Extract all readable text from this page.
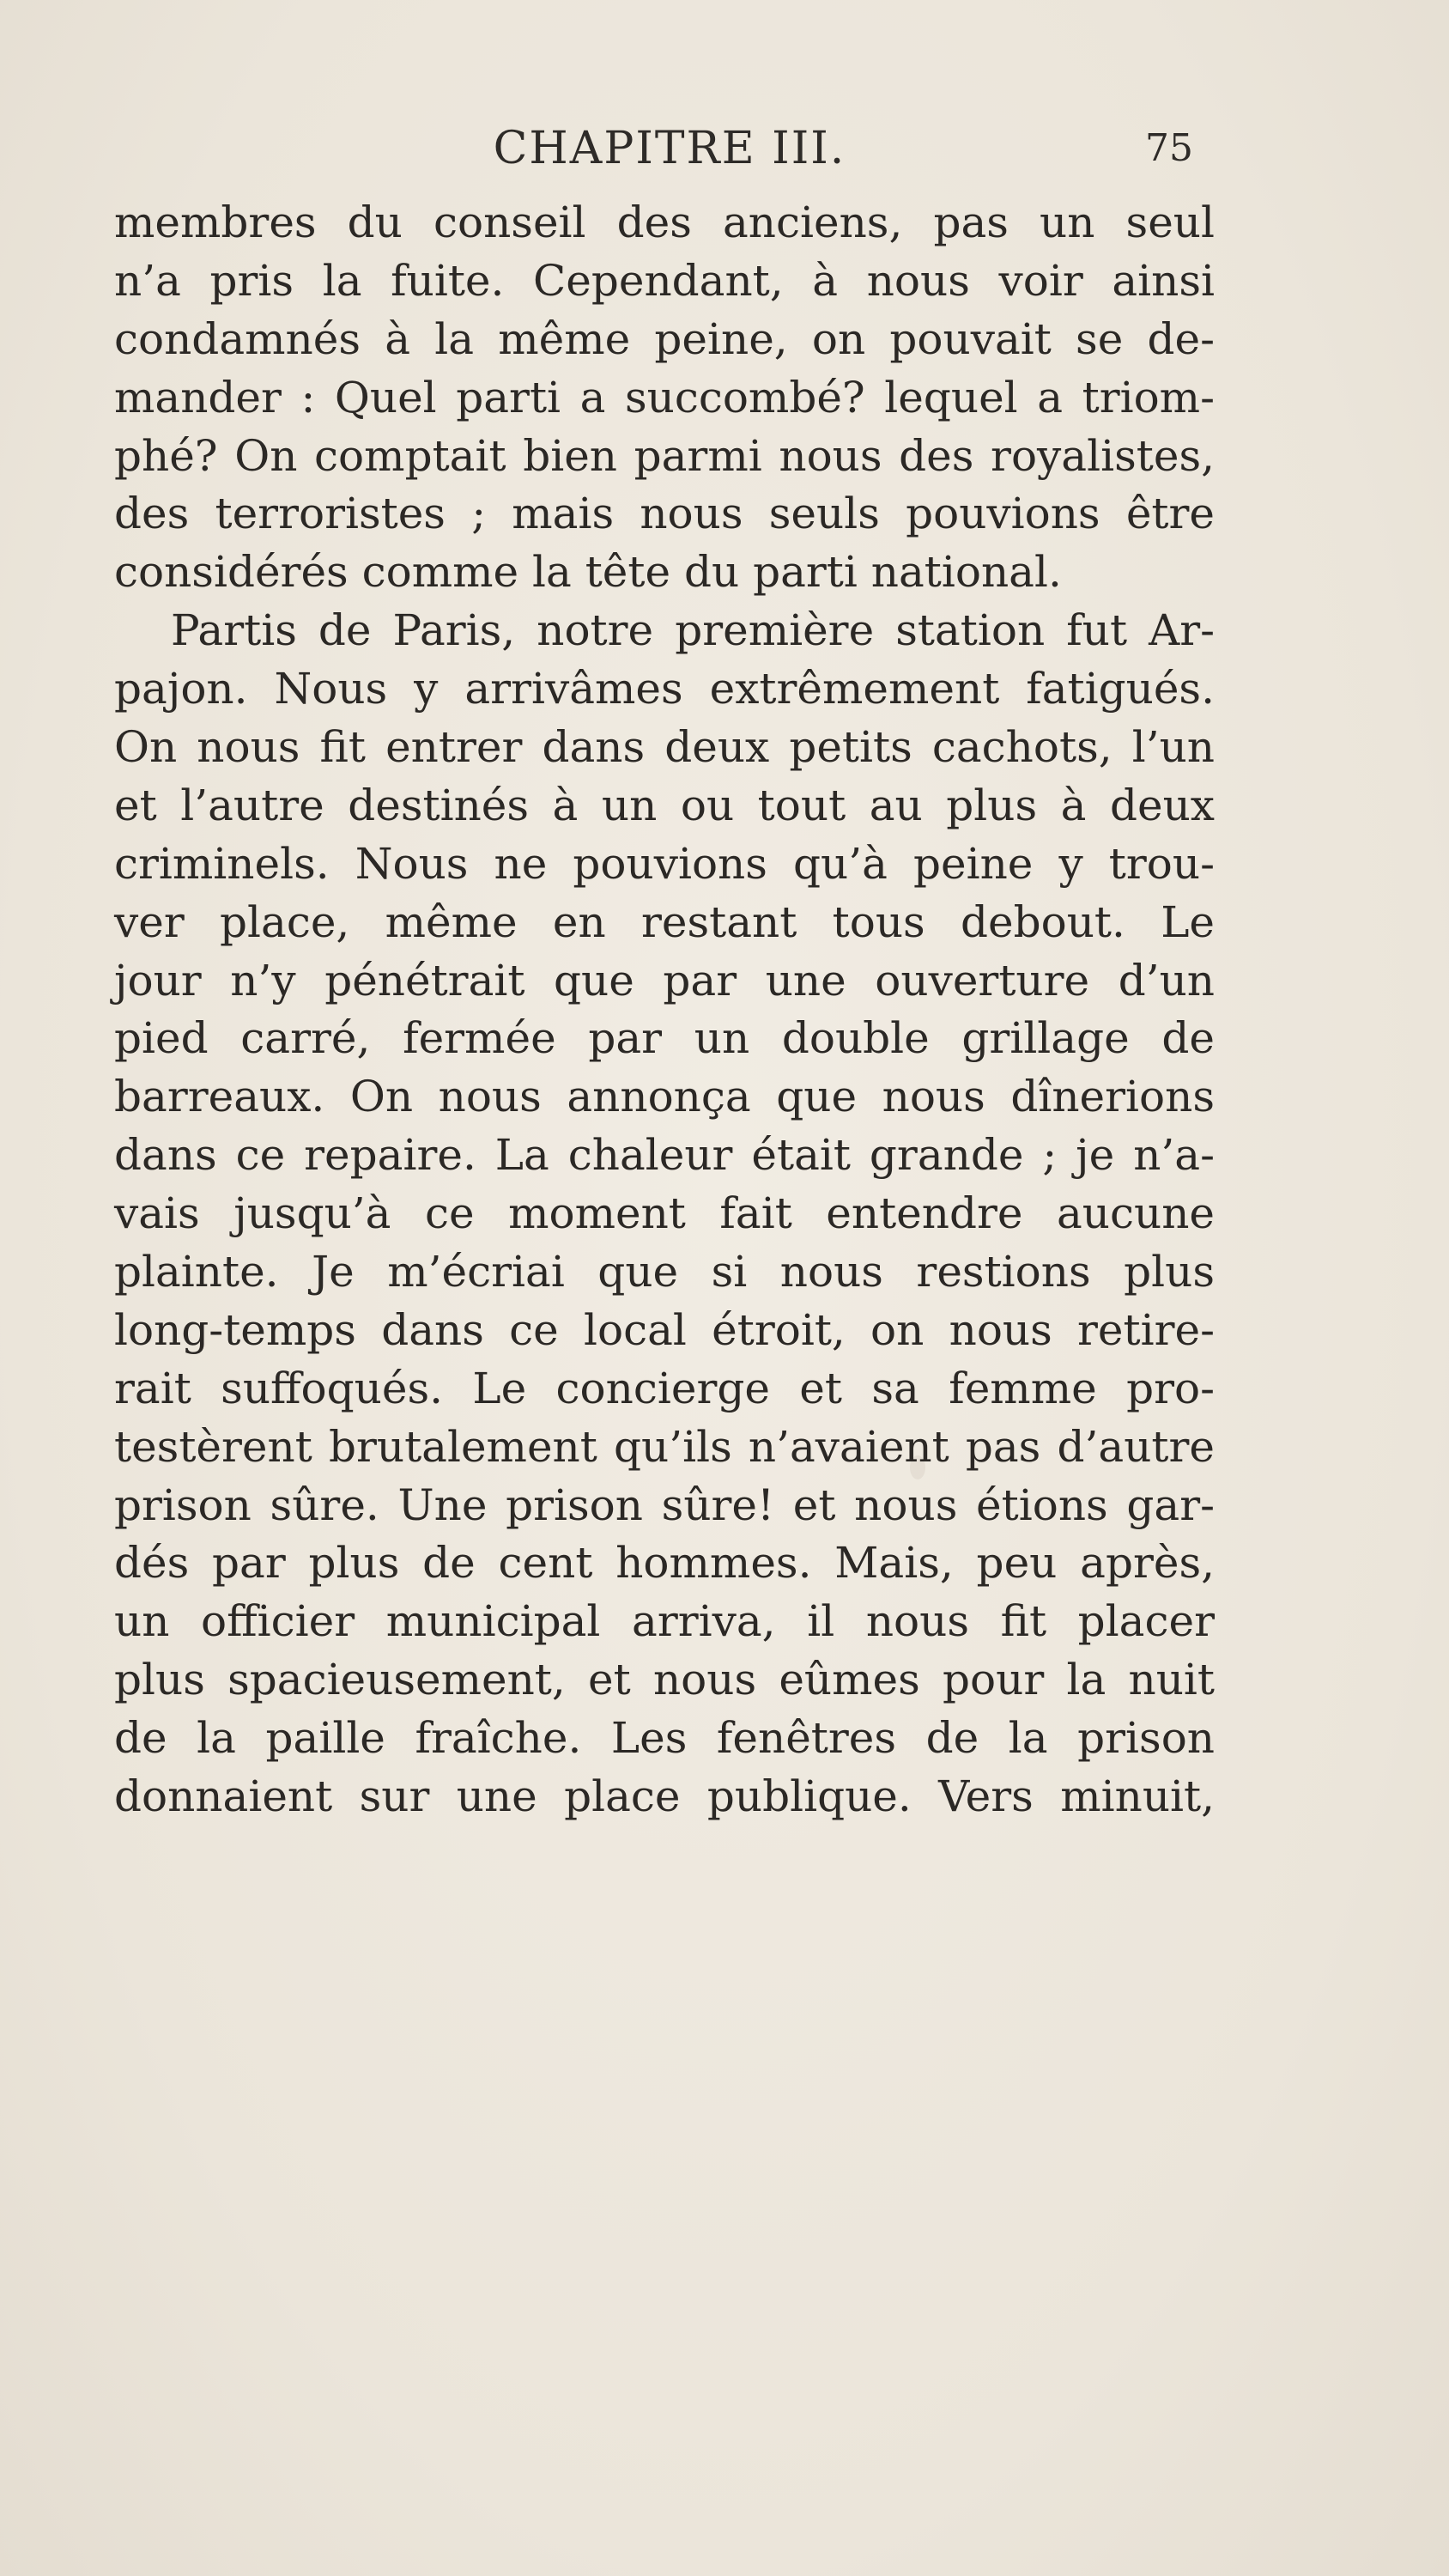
CHAPITRE III.	75
membres du conseil des anciens, pas un seul
n’a pris la fuite. Cependant, à nous voir ainsi
condamnés à la même peine, on pouvait se de-
mander : Quel parti a succombé? lequel a triom-
phé? On comptait bien parmi nous des royalistes,
des terroristes ; mais nous seuls pouvions être
considérés comme la tête du parti national.
Partis de Paris, notre première station fut Ar-
pajon. Nous y arrivâmes extrêmement fatigués.
On nous fit entrer dans deux petits cachots, l’un
et l’autre destinés à un ou tout au plus à deux
criminels. Nous ne pouvions qu’à peine y trou-
ver place, même en restant tous debout. Le
jour n’y pénétrait que par une ouverture d’un
pied carré, fermée par un double grillage de
barreaux. On nous annonça que nous dînerions
dans ce repaire. La chaleur était grande ; je n’a-
vais jusqu’à ce moment fait entendre aucune
plainte. Je m’écriai que si nous restions plus
long-temps dans ce local étroit, on nous retire-
rait suffoqués. Le concierge et sa femme pro-
testèrent brutalement qu’ils n’avaient pas d’autre
prison sûre. Une prison sûre! et nous étions gar-
dés par plus de cent hommes. Mais, peu après,
un officier municipal arriva, il nous fit placer
plus spacieusement, et nous eûmes pour la nuit
de la paille fraîche. Les fenêtres de la prison
donnaient sur une place publique. Vers minuit,
